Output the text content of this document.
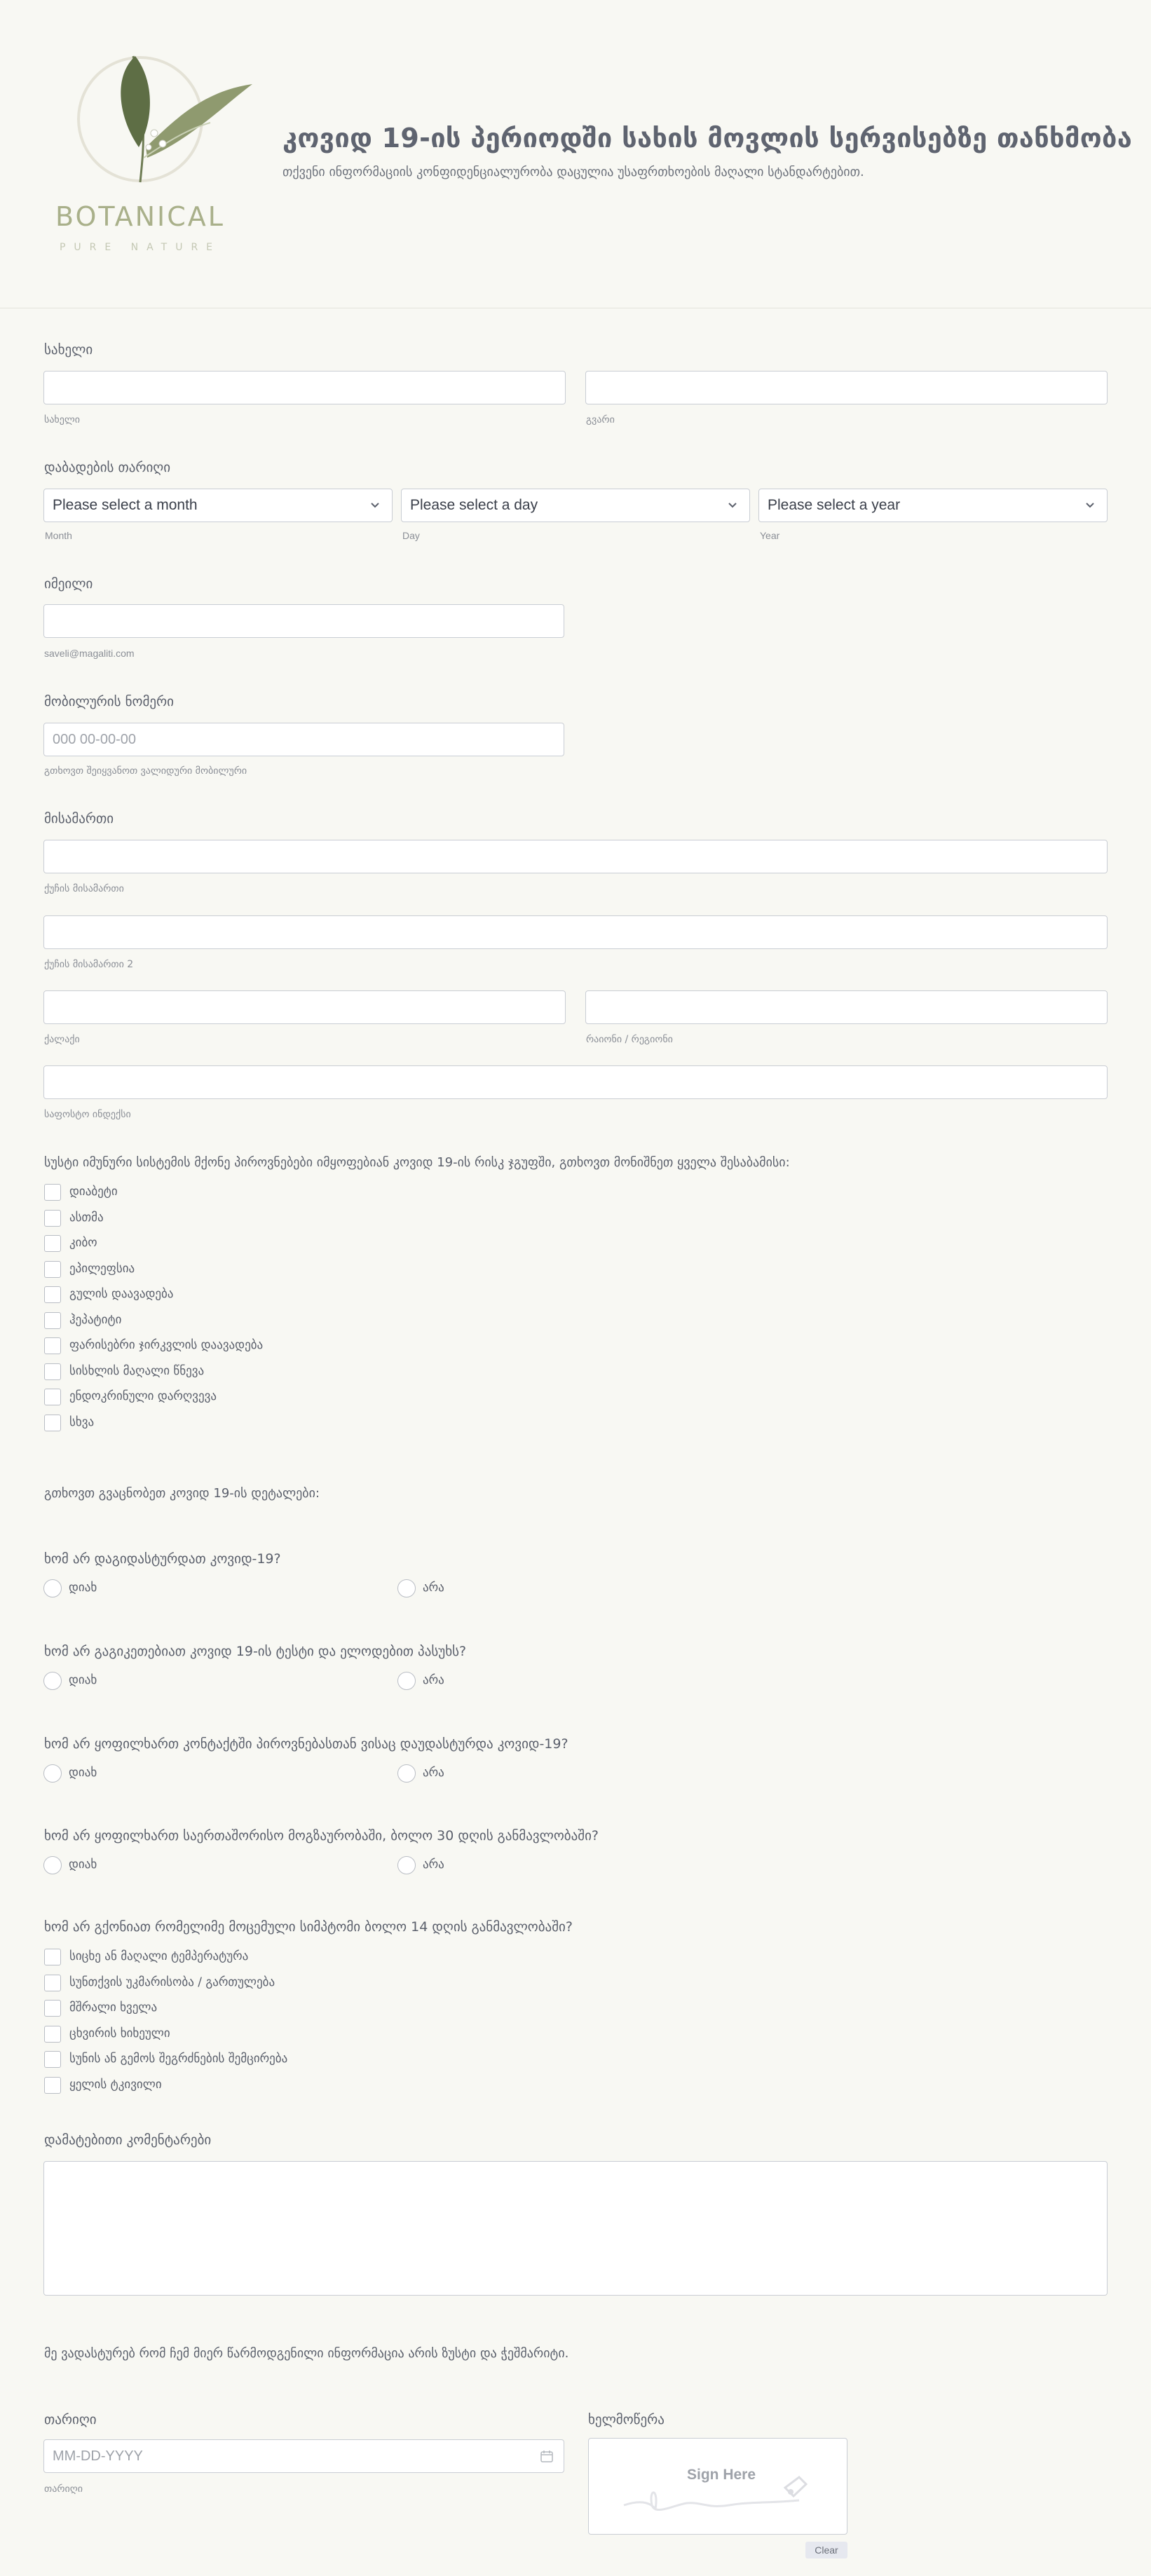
BOTANICAL
PURE NATURE
კოვიდ 19-ის პერიოდში სახის მოვლის სერვისებზე თანხმობა
თქვენი ინფორმაციის კონფიდენციალურობა დაცულია უსაფრთხოების მაღალი სტანდარტებით.
სახელი
სახელი	გვარი
დაბადების თარიღი
Please select a month	Please select a day	Please select a year
Month	Day	Year
იმეილი
saveli@magaliti.com
მობილურის ნომერი
000 00-00-00
გთხოვთ შეიყვანოთ ვალიდური მობილური
მისამართი
ქუჩის მისამართი
ქუჩის მისამართი 2
ქალაქი	რაიონი / რეგიონი
საფოსტო ინდექსი
სუსტი იმუნური სისტემის მქონე პიროვნებები იმყოფებიან კოვიდ 19-ის რისკ ჯგუფში, გთხოვთ მონიშნეთ ყველა შესაბამისი:
დიაბეტი
ასთმა
კიბო
ეპილეფსია
გულის დაავადება
ჰეპატიტი
ფარისებრი ჯირკვლის დაავადება
სისხლის მაღალი წნევა
ენდოკრინული დარღვევა
სხვა
გთხოვთ გვაცნობეთ კოვიდ 19-ის დეტალები:
ხომ არ დაგიდასტურდათ კოვიდ-19?
დიახ	არა
ხომ არ გაგიკეთებიათ კოვიდ 19-ის ტესტი და ელოდებით პასუხს?
დიახ	არა
ხომ არ ყოფილხართ კონტაქტში პიროვნებასთან ვისაც დაუდასტურდა კოვიდ-19?
დიახ	არა
ხომ არ ყოფილხართ საერთაშორისო მოგზაურობაში, ბოლო 30 დღის განმავლობაში?
დიახ	არა
ხომ არ გქონიათ რომელიმე მოცემული სიმპტომი ბოლო 14 დღის განმავლობაში?
სიცხე ან მაღალი ტემპერატურა
სუნთქვის უკმარისობა / გართულება
მშრალი ხველა
ცხვირის ხიხეული
სუნის ან გემოს შეგრძნების შემცირება
ყელის ტკივილი
დამატებითი კომენტარები
მე ვადასტურებ რომ ჩემ მიერ წარმოდგენილი ინფორმაცია არის ზუსტი და ჭეშმარიტი.
თარიღი
MM-DD-YYYY
თარიღი
ხელმოწერა
Sign Here
Clear
